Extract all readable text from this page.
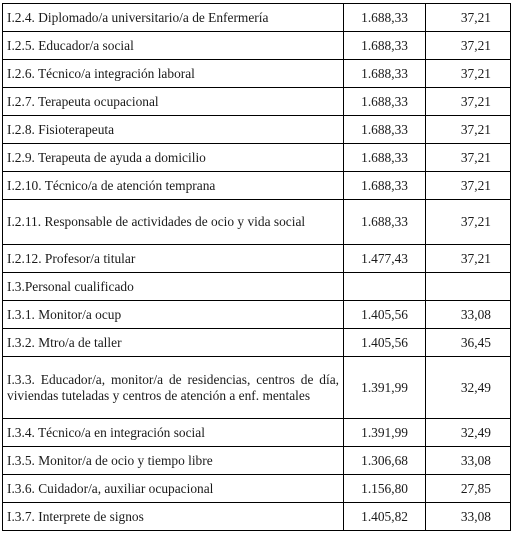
I.2.4. Diplomado/a universitario/a de Enfermería	1.688,33	37,21
I.2.5. Educador/a social	1.688,33	37,21
I.2.6. Técnico/a integración laboral	1.688,33	37,21
I.2.7. Terapeuta ocupacional	1.688,33	37,21
I.2.8. Fisioterapeuta	1.688,33	37,21
I.2.9. Terapeuta de ayuda a domicilio	1.688,33	37,21
I.2.10. Técnico/a de atención temprana	1.688,33	37,21
I.2.11. Responsable de actividades de ocio y vida social	1.688,33	37,21
I.2.12. Profesor/a titular	1.477,43	37,21
I.3.Personal cualificado		
I.3.1. Monitor/a ocup	1.405,56	33,08
I.3.2. Mtro/a de taller	1.405,56	36,45
I.3.3. Educador/a, monitor/a de residencias, centros de día, viviendas tuteladas y centros de atención a enf. mentales	1.391,99	32,49
I.3.4. Técnico/a en integración social	1.391,99	32,49
I.3.5. Monitor/a de ocio y tiempo libre	1.306,68	33,08
I.3.6. Cuidador/a, auxiliar ocupacional	1.156,80	27,85
I.3.7. Interprete de signos	1.405,82	33,08
